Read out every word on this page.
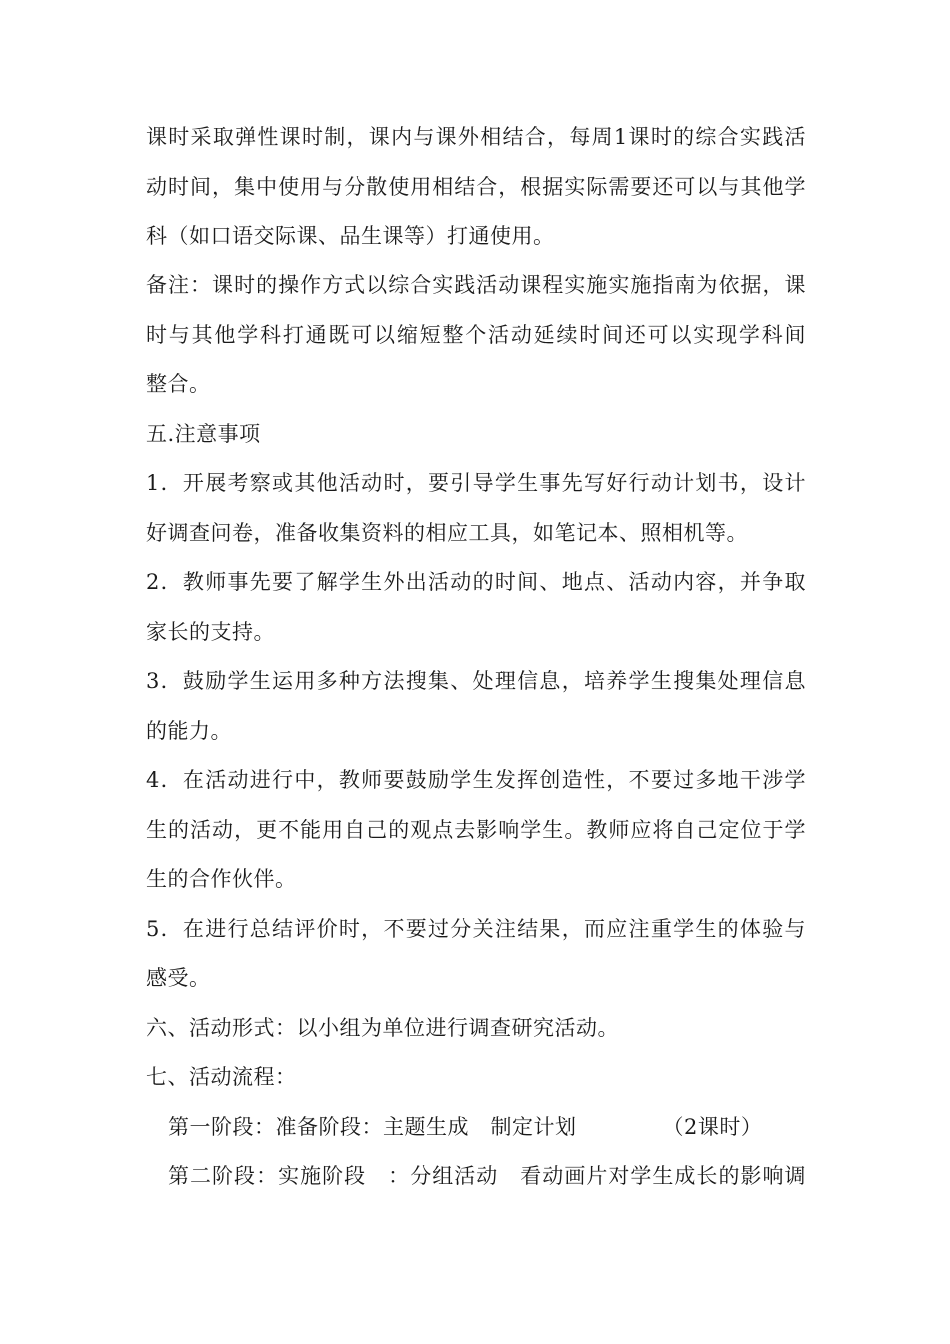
课时采取弹性课时制，课内与课外相结合，每周1课时的综合实践活
动时间，集中使用与分散使用相结合，根据实际需要还可以与其他学
科（如口语交际课、品生课等）打通使用。
备注：课时的操作方式以综合实践活动课程实施实施指南为依据，课
时与其他学科打通既可以缩短整个活动延续时间还可以实现学科间
整合。
五.注意事项
1．开展考察或其他活动时，要引导学生事先写好行动计划书，设计
好调查问卷，准备收集资料的相应工具，如笔记本、照相机等。
2．教师事先要了解学生外出活动的时间、地点、活动内容，并争取
家长的支持。
3．鼓励学生运用多种方法搜集、处理信息，培养学生搜集处理信息
的能力。
4．在活动进行中，教师要鼓励学生发挥创造性，不要过多地干涉学
生的活动，更不能用自己的观点去影响学生。教师应将自己定位于学
生的合作伙伴。
5．在进行总结评价时，不要过分关注结果，而应注重学生的体验与
感受。
六、活动形式：以小组为单位进行调查研究活动。
七、活动流程：
第一阶段：准备阶段：主题生成　制定计划	（2课时）
第二阶段：实施阶段　：分组活动　看动画片对学生成长的影响调
